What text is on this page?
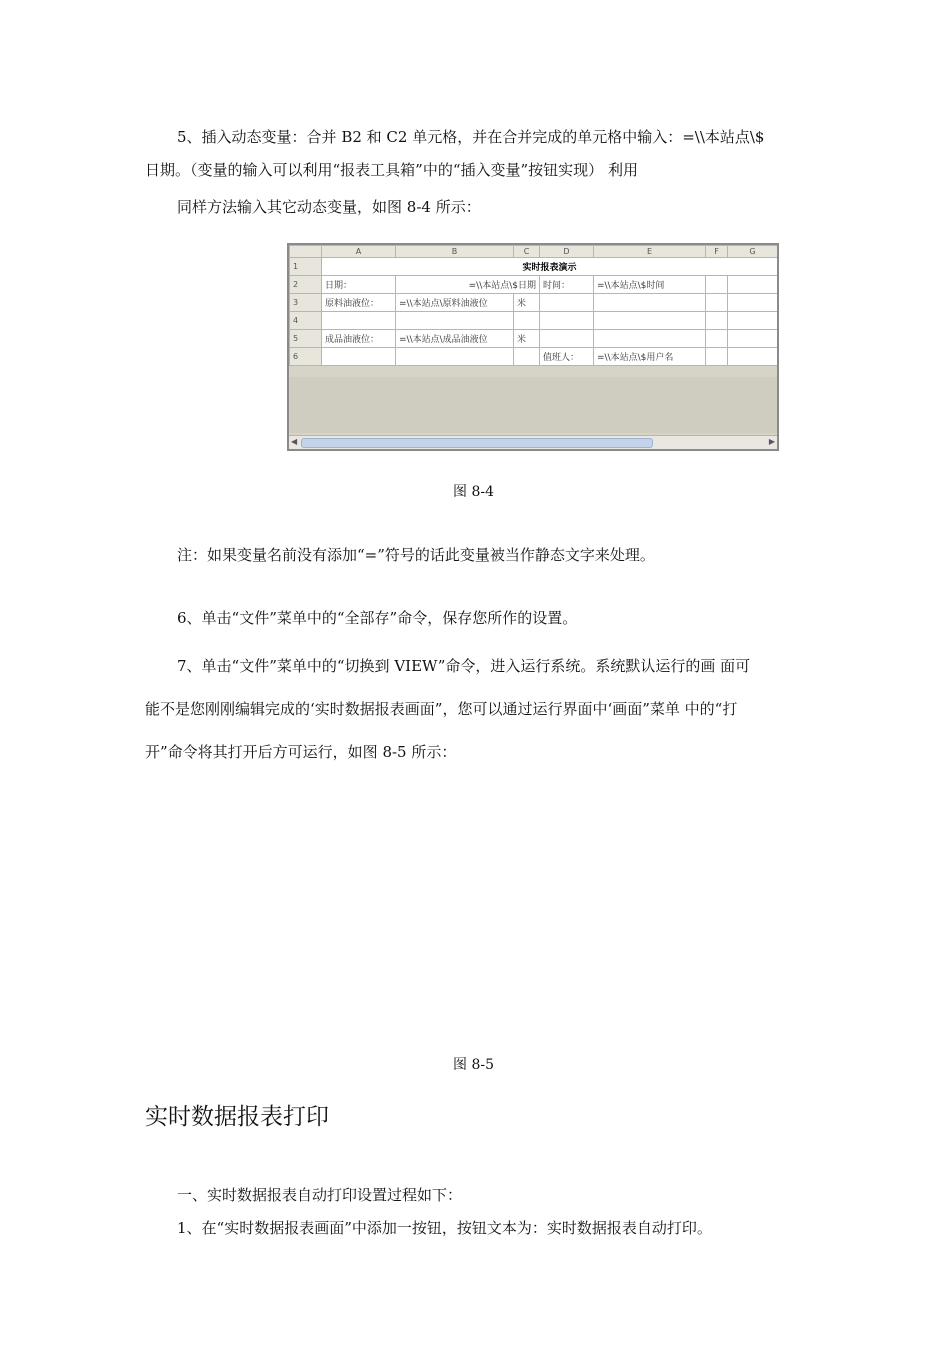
5、插入动态变量：合并 B2 和 C2 单元格，并在合并完成的单元格中输入：=\\本站点\$
日期。（变量的输入可以利用“报表工具箱”中的“插入变量”按钮实现） 利用
同样方法输入其它动态变量，如图 8-4 所示：
	A	B	C	D	E	F	G
1	实时报表演示						
2	日期：	=\\本站点\$日期		时间：	=\\本站点\$时间		
3	原料油液位：	=\\本站点\原料油液位	米				
4							
5	成品油液位：	=\\本站点\成品油液位	米				
6				值班人：	=\\本站点\$用户名		
◀	▶
图 8-4
注：如果变量名前没有添加“=”符号的话此变量被当作静态文字来处理。
6、单击“文件”菜单中的“全部存”命令，保存您所作的设置。
7、单击“文件”菜单中的“切换到 VIEW”命令，进入运行系统。系统默认运行的画 面可
能不是您刚刚编辑完成的‘实时数据报表画面”，您可以通过运行界面中‘画面”菜单 中的“打
开”命令将其打开后方可运行，如图 8-5 所示：
图 8-5
实时数据报表打印
一、实时数据报表自动打印设置过程如下：
1、在“实时数据报表画面”中添加一按钮，按钮文本为：实时数据报表自动打印。
